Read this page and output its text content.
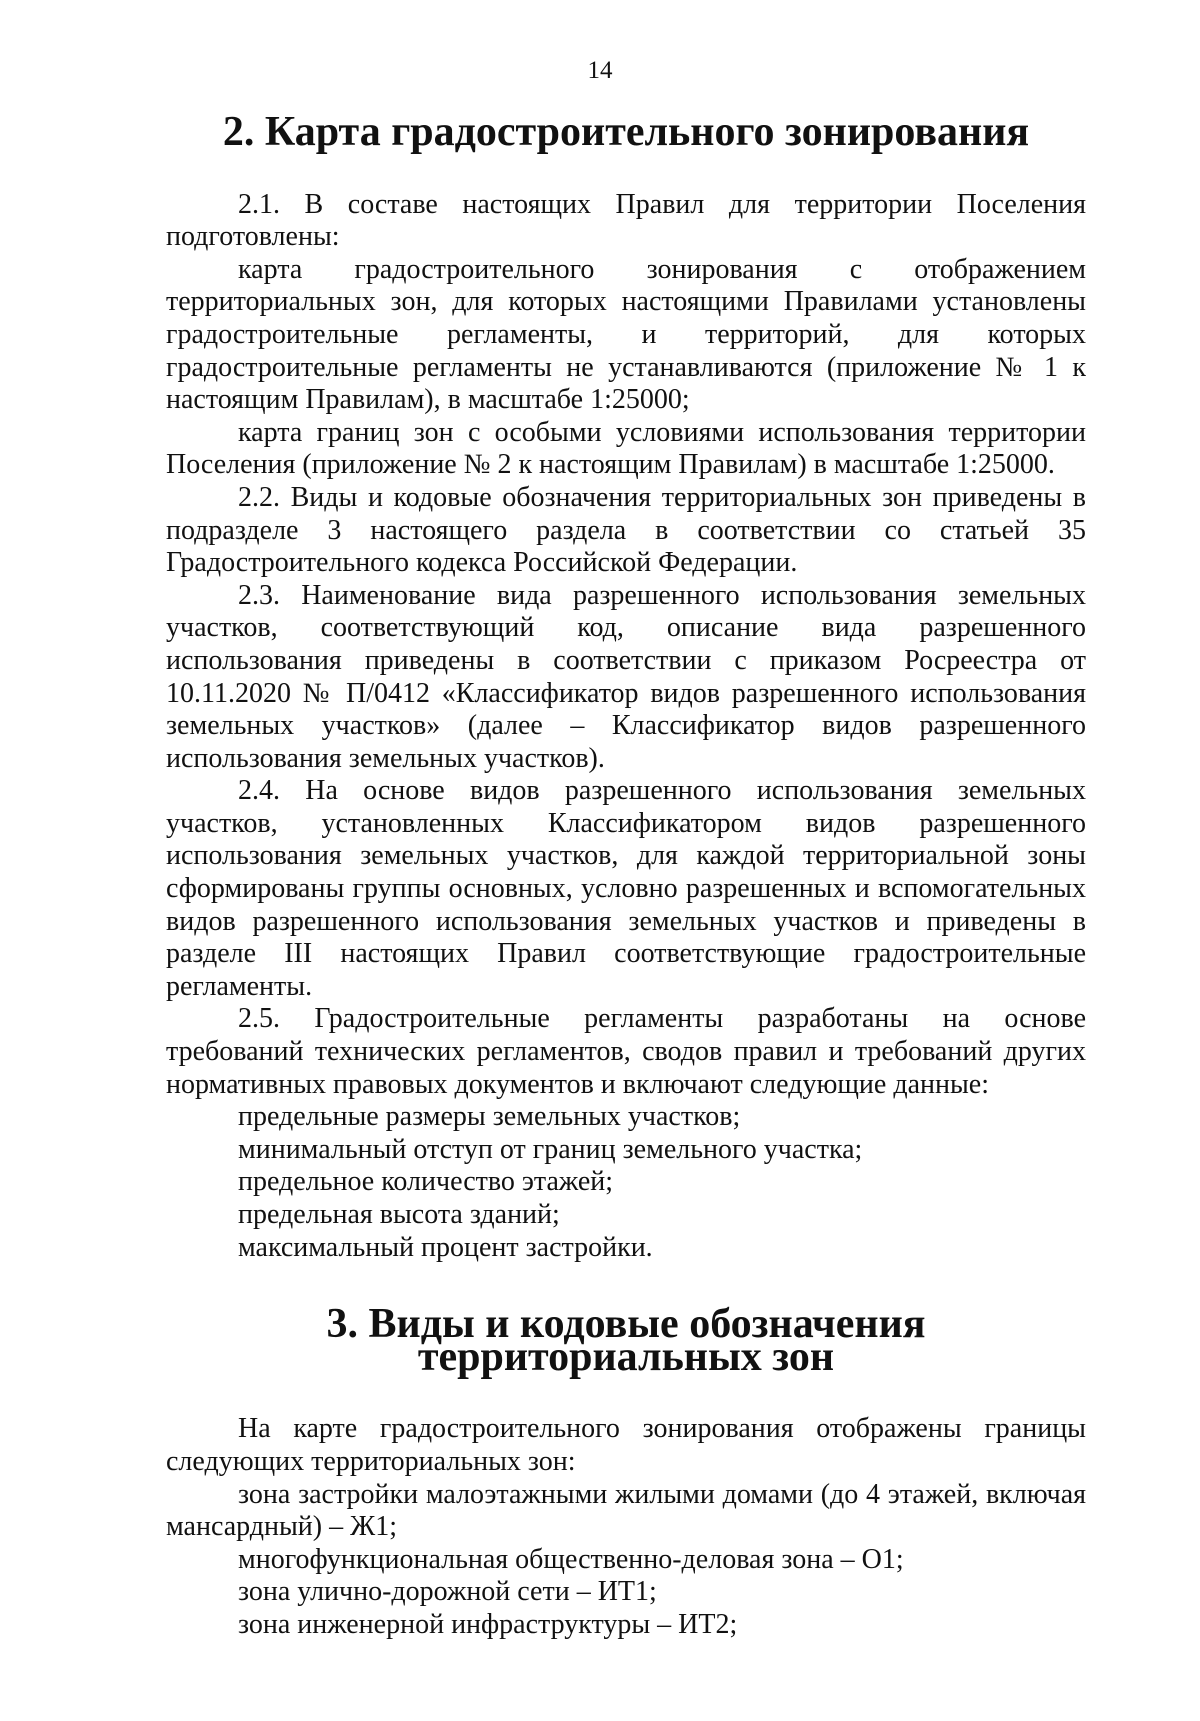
14
2. Карта градостроительного зонирования

2.1. В составе настоящих Правил для территории Поселения подготовлены:

карта градостроительного зонирования с отображением территориальных зон, для которых настоящими Правилами установлены градостроительные регламенты, и территорий, для которых градостроительные регламенты не устанавливаются (приложение № 1 к настоящим Правилам), в масштабе 1:25000;

карта границ зон с особыми условиями использования территории Поселения (приложение № 2 к настоящим Правилам) в масштабе 1:25000.

2.2. Виды и кодовые обозначения территориальных зон приведены в подразделе 3 настоящего раздела в соответствии со статьей 35 Градостроительного кодекса Российской Федерации.

2.3. Наименование вида разрешенного использования земельных участков, соответствующий код, описание вида разрешенного использования приведены в соответствии с приказом Росреестра от 10.11.2020 № П/0412 «Классификатор видов разрешенного использования земельных участков» (далее – Классификатор видов разрешенного использования земельных участков).

2.4. На основе видов разрешенного использования земельных участков, установленных Классификатором видов разрешенного использования земельных участков, для каждой территориальной зоны сформированы группы основных, условно разрешенных и вспомогательных видов разрешенного использования земельных участков и приведены в разделе III настоящих Правил соответствующие градостроительные регламенты.

2.5. Градостроительные регламенты разработаны на основе требований технических регламентов, сводов правил и требований других нормативных правовых документов и включают следующие данные:

предельные размеры земельных участков;
минимальный отступ от границ земельного участка;
предельное количество этажей;
предельная высота зданий;
максимальный процент застройки.
3. Виды и кодовые обозначения территориальных зон

На карте градостроительного зонирования отображены границы следующих территориальных зон:

зона застройки малоэтажными жилыми домами (до 4 этажей, включая мансардный) – Ж1;

многофункциональная общественно-деловая зона – О1;
зона улично-дорожной сети – ИТ1;
зона инженерной инфраструктуры – ИТ2;
